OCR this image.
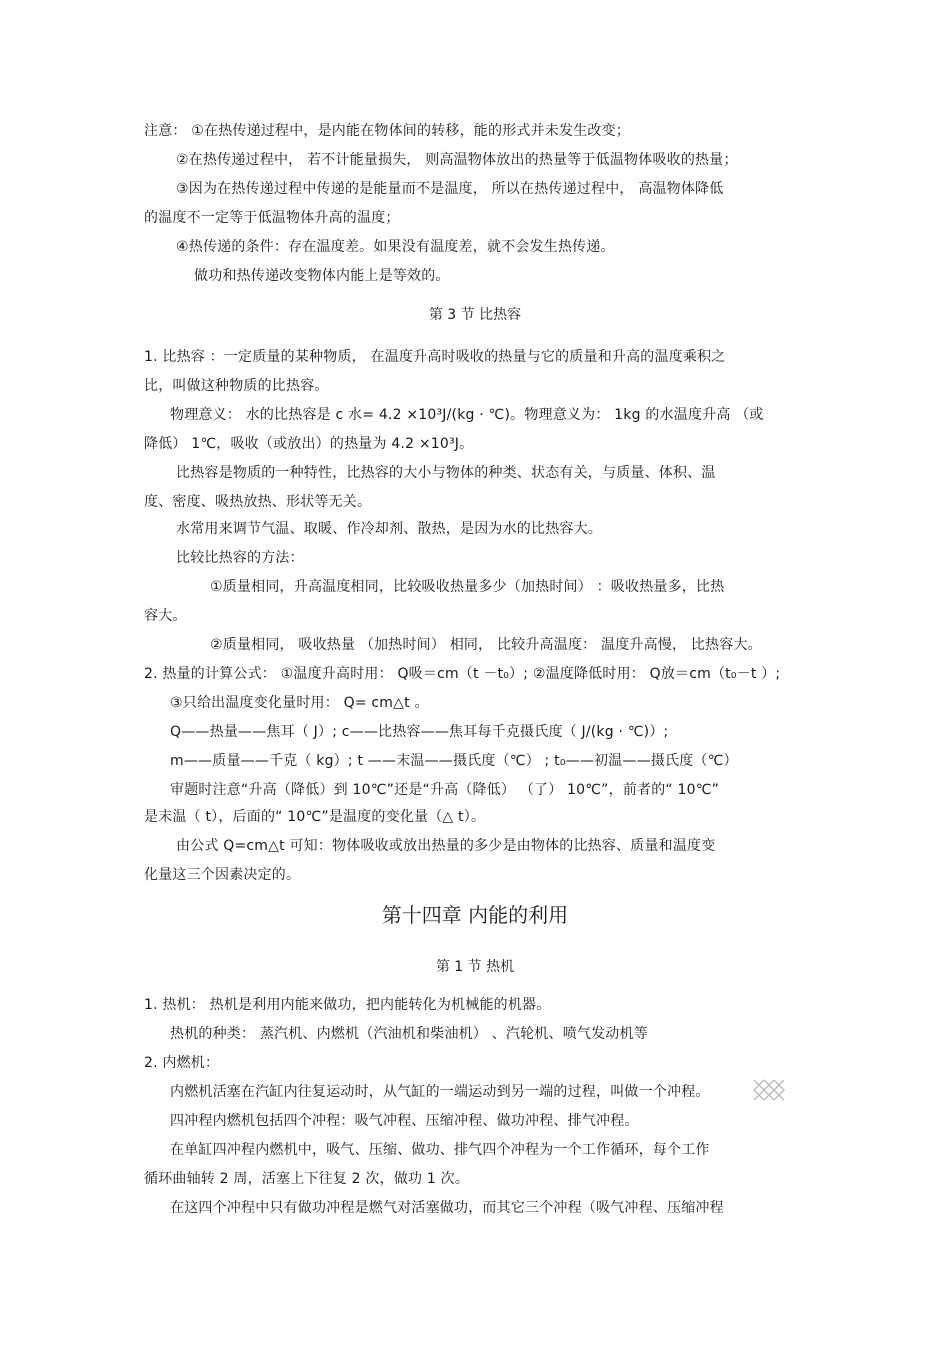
注意： ①在热传递过程中，是内能在物体间的转移，能的形式并未发生改变；
②在热传递过程中， 若不计能量损失， 则高温物体放出的热量等于低温物体吸收的热量；
③因为在热传递过程中传递的是能量而不是温度， 所以在热传递过程中， 高温物体降低
的温度不一定等于低温物体升高的温度；
④热传递的条件：存在温度差。如果没有温度差，就不会发生热传递。
做功和热传递改变物体内能上是等效的。
第 3 节 比热容
1. 比热容 ：一定质量的某种物质， 在温度升高时吸收的热量与它的质量和升高的温度乘积之
比，叫做这种物质的比热容。
物理意义： 水的比热容是 c 水= 4.2 ×10³J/(kg · ℃)。物理意义为： 1kg 的水温度升高 （或
降低） 1℃，吸收（或放出）的热量为 4.2 ×10³J。
比热容是物质的一种特性，比热容的大小与物体的种类、状态有关，与质量、体积、温
度、密度、吸热放热、形状等无关。
水常用来调节气温、取暖、作冷却剂、散热，是因为水的比热容大。
比较比热容的方法：
①质量相同，升高温度相同，比较吸收热量多少（加热时间） ：吸收热量多，比热
容大。
②质量相同， 吸收热量 （加热时间） 相同， 比较升高温度： 温度升高慢， 比热容大。
2. 热量的计算公式： ①温度升高时用： Q吸＝cm（t －t₀）; ②温度降低时用： Q放＝cm（t₀－t ）;
③只给出温度变化量时用： Q= cm△t 。
Q——热量——焦耳（ J）; c——比热容——焦耳每千克摄氏度（ J/(kg · ℃)）;
m——质量——千克（ kg）; t ——末温——摄氏度（℃） ; t₀——初温——摄氏度（℃）
审题时注意“升高（降低）到 10℃”还是“升高（降低） （了） 10℃”，前者的“ 10℃”
是末温（ t），后面的“ 10℃”是温度的变化量（△ t）。
由公式 Q=cm△t 可知：物体吸收或放出热量的多少是由物体的比热容、质量和温度变
化量这三个因素决定的。
第十四章 内能的利用
第 1 节 热机
1. 热机： 热机是利用内能来做功，把内能转化为机械能的机器。
热机的种类： 蒸汽机、内燃机（汽油机和柴油机） 、汽轮机、喷气发动机等
2. 内燃机：
内燃机活塞在汽缸内往复运动时，从气缸的一端运动到另一端的过程，叫做一个冲程。
四冲程内燃机包括四个冲程：吸气冲程、压缩冲程、做功冲程、排气冲程。
在单缸四冲程内燃机中，吸气、压缩、做功、排气四个冲程为一个工作循环，每个工作
循环曲轴转 2 周，活塞上下往复 2 次，做功 1 次。
在这四个冲程中只有做功冲程是燃气对活塞做功，而其它三个冲程（吸气冲程、压缩冲程
